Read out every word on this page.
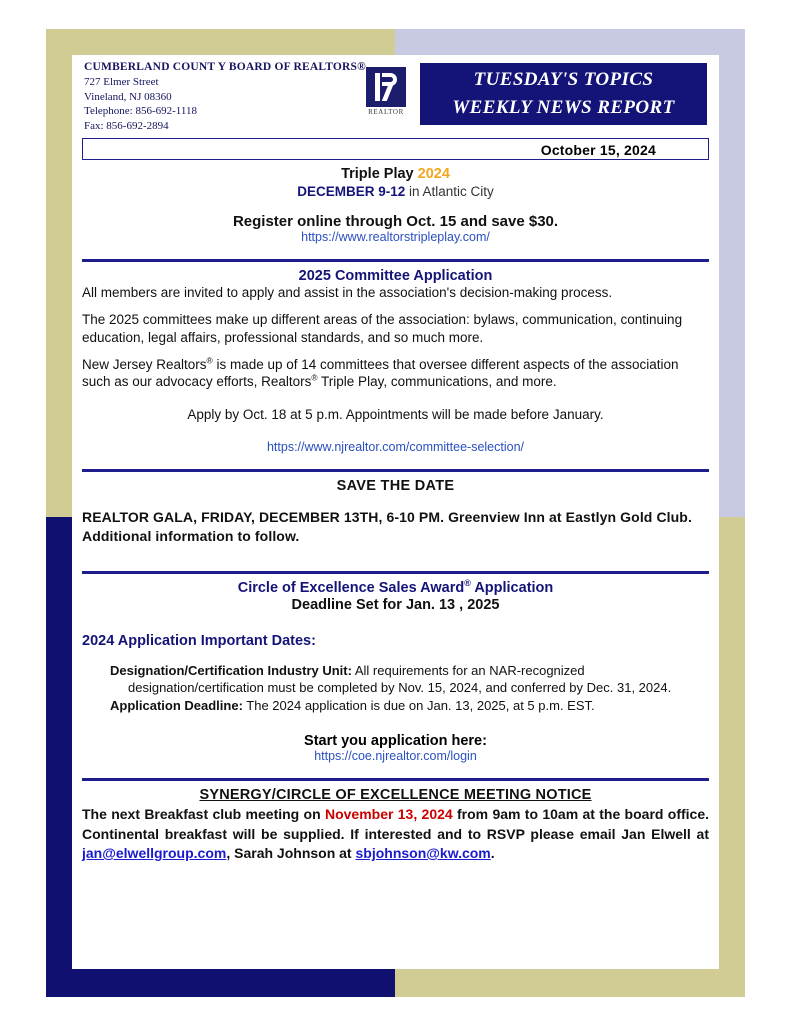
CUMBERLAND COUNT Y BOARD OF REALTORS®
727 Elmer Street
Vineland, NJ 08360
Telephone: 856-692-1118
Fax: 856-692-2894
REALTOR
TUESDAY'S TOPICS
WEEKLY NEWS REPORT
October 15, 2024
Triple Play 2024
DECEMBER 9-12 in Atlantic City
Register online through Oct. 15 and save $30.
https://www.realtorstripleplay.com/
2025 Committee Application
All members are invited to apply and assist in the association's decision-making process.
The 2025 committees make up different areas of the association: bylaws, communication, continuing education, legal affairs, professional standards, and so much more.
New Jersey Realtors® is made up of 14 committees that oversee different aspects of the association such as our advocacy efforts, Realtors® Triple Play, communications, and more.
Apply by Oct. 18 at 5 p.m. Appointments will be made before January.
https://www.njrealtor.com/committee-selection/
SAVE THE DATE
REALTOR GALA, FRIDAY, DECEMBER 13TH, 6-10 PM. Greenview Inn at Eastlyn Gold Club. Additional information to follow.
Circle of Excellence Sales Award® Application
Deadline Set for Jan. 13 , 2025
2024 Application Important Dates:
Designation/Certification Industry Unit: All requirements for an NAR-recognized designation/certification must be completed by Nov. 15, 2024, and conferred by Dec. 31, 2024.
Application Deadline: The 2024 application is due on Jan. 13, 2025, at 5 p.m. EST.
Start you application here:
https://coe.njrealtor.com/login
SYNERGY/CIRCLE OF EXCELLENCE MEETING NOTICE
The next Breakfast club meeting on November 13, 2024 from 9am to 10am at the board office. Continental breakfast will be supplied. If interested and to RSVP please email Jan Elwell at jan@elwellgroup.com, Sarah Johnson at sbjohnson@kw.com.
